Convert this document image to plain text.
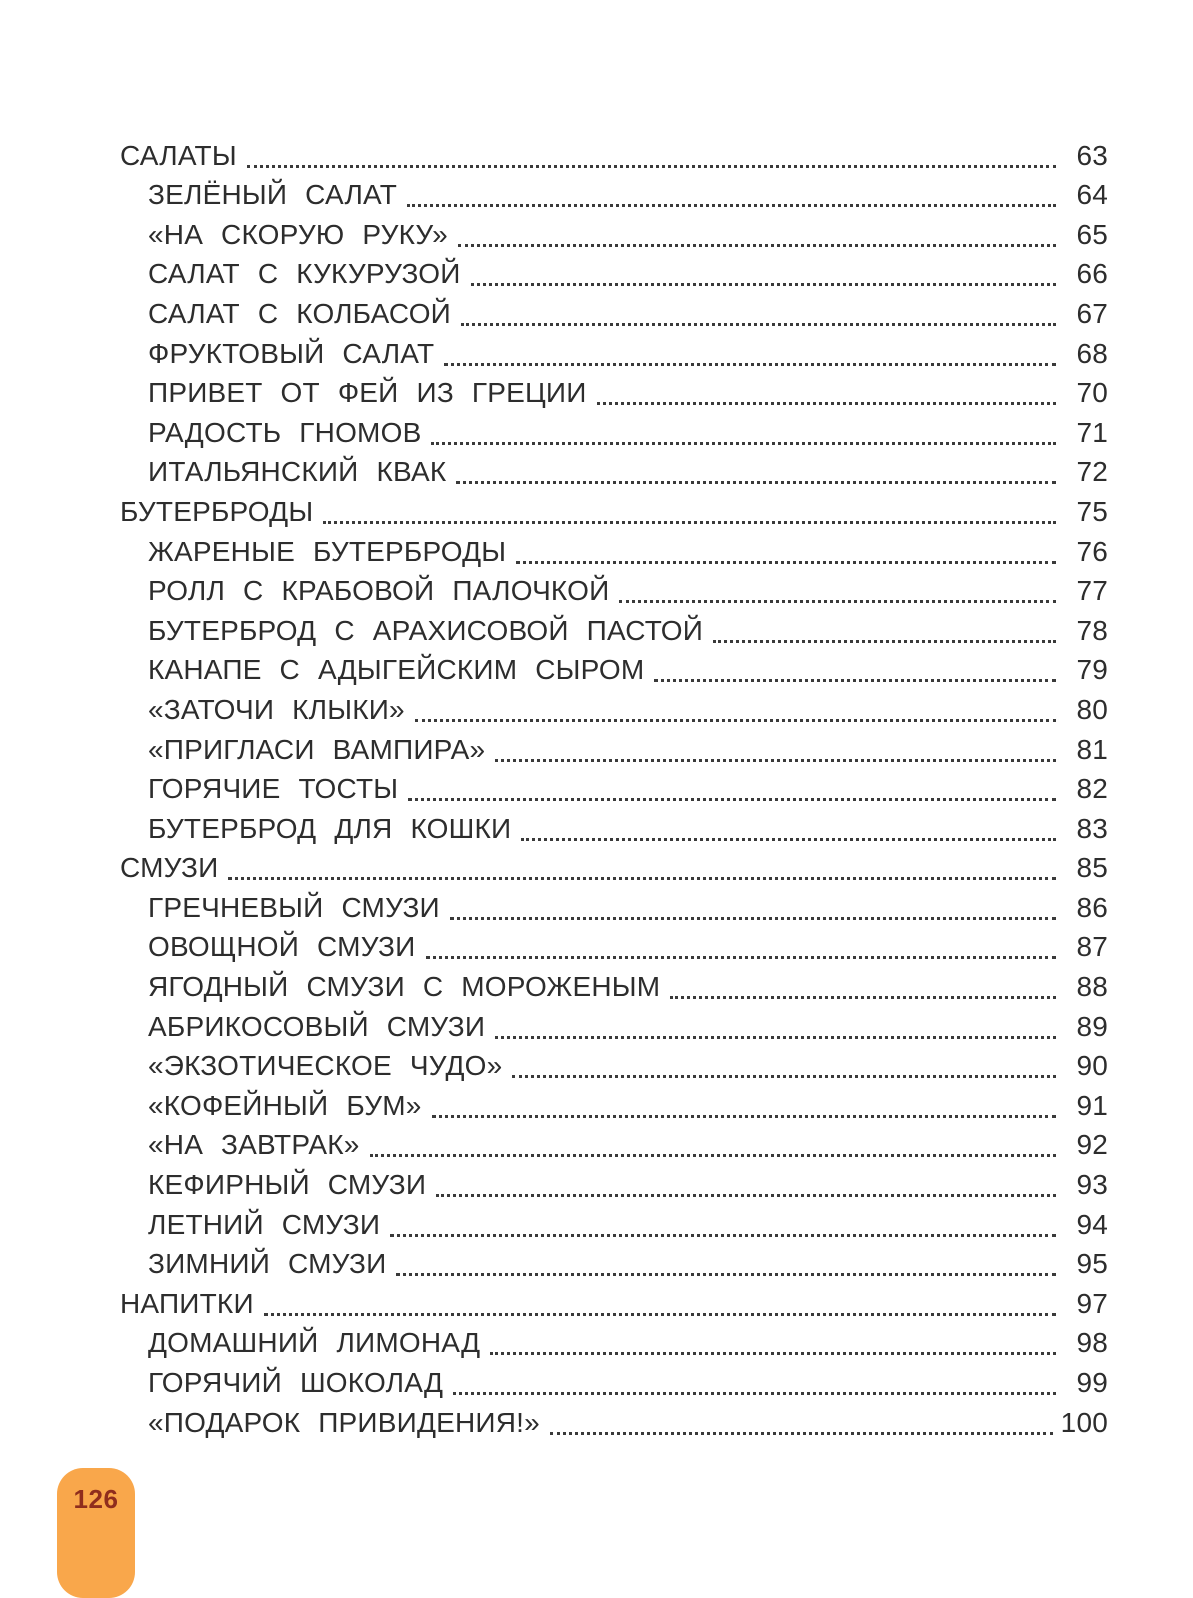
САЛАТЫ	63
ЗЕЛЁНЫЙ САЛАТ	64
«НА СКОРУЮ РУКУ»	65
САЛАТ С КУКУРУЗОЙ	66
САЛАТ С КОЛБАСОЙ	67
ФРУКТОВЫЙ САЛАТ	68
ПРИВЕТ ОТ ФЕЙ ИЗ ГРЕЦИИ	70
РАДОСТЬ ГНОМОВ	71
ИТАЛЬЯНСКИЙ КВАК	72
БУТЕРБРОДЫ	75
ЖАРЕНЫЕ БУТЕРБРОДЫ	76
РОЛЛ С КРАБОВОЙ ПАЛОЧКОЙ	77
БУТЕРБРОД С АРАХИСОВОЙ ПАСТОЙ	78
КАНАПЕ С АДЫГЕЙСКИМ СЫРОМ	79
«ЗАТОЧИ КЛЫКИ»	80
«ПРИГЛАСИ ВАМПИРА»	81
ГОРЯЧИЕ ТОСТЫ	82
БУТЕРБРОД ДЛЯ КОШКИ	83
СМУЗИ	85
ГРЕЧНЕВЫЙ СМУЗИ	86
ОВОЩНОЙ СМУЗИ	87
ЯГОДНЫЙ СМУЗИ С МОРОЖЕНЫМ	88
АБРИКОСОВЫЙ СМУЗИ	89
«ЭКЗОТИЧЕСКОЕ ЧУДО»	90
«КОФЕЙНЫЙ БУМ»	91
«НА ЗАВТРАК»	92
КЕФИРНЫЙ СМУЗИ	93
ЛЕТНИЙ СМУЗИ	94
ЗИМНИЙ СМУЗИ	95
НАПИТКИ	97
ДОМАШНИЙ ЛИМОНАД	98
ГОРЯЧИЙ ШОКОЛАД	99
«ПОДАРОК ПРИВИДЕНИЯ!»	100
126
